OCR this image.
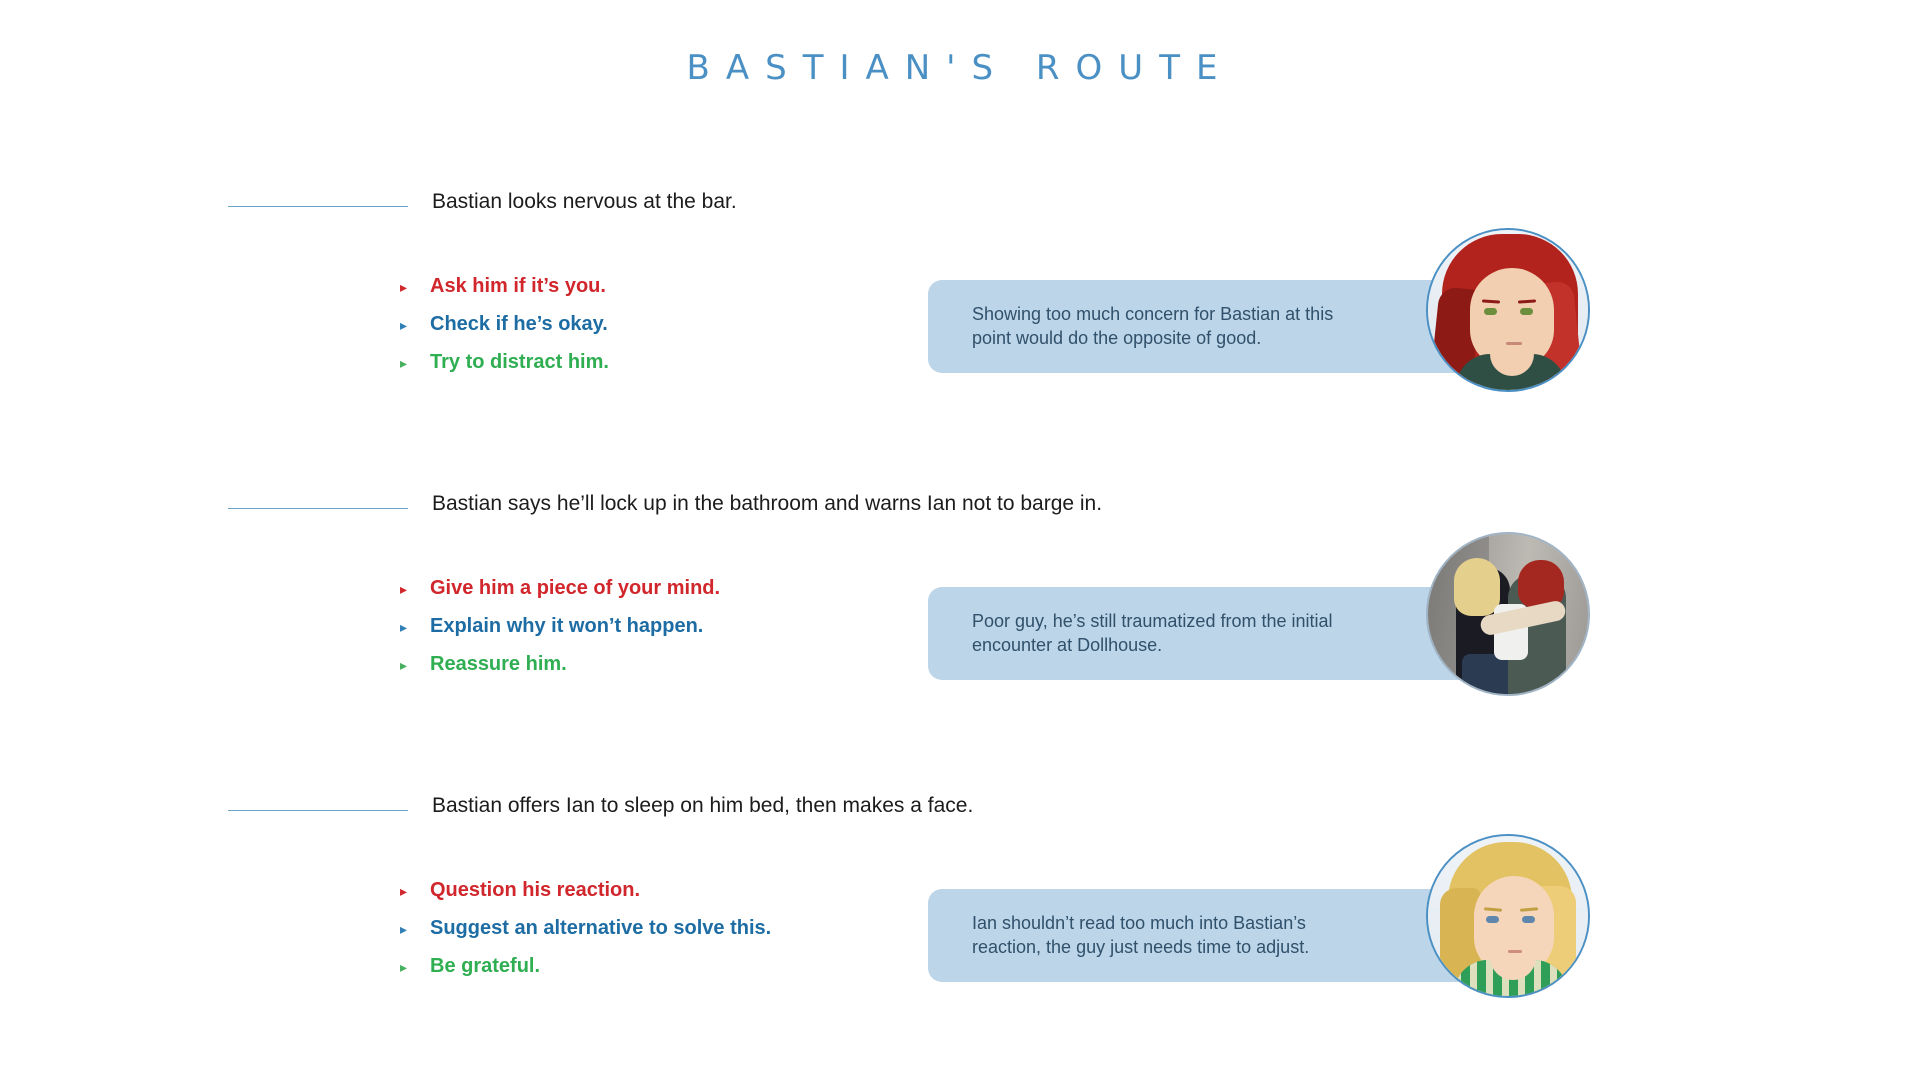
BASTIAN'S ROUTE
Bastian looks nervous at the bar.
▸	Ask him if it’s you.
▸	Check if he’s okay.
▸	Try to distract him.
Showing too much concern for Bastian at this point would do the opposite of good.
Bastian says he’ll lock up in the bathroom and warns Ian not to barge in.
▸	Give him a piece of your mind.
▸	Explain why it won’t happen.
▸	Reassure him.
Poor guy, he’s still traumatized from the initial encounter at Dollhouse.
Bastian offers Ian to sleep on him bed, then makes a face.
▸	Question his reaction.
▸	Suggest an alternative to solve this.
▸	Be grateful.
Ian shouldn’t read too much into Bastian’s reaction, the guy just needs time to adjust.
